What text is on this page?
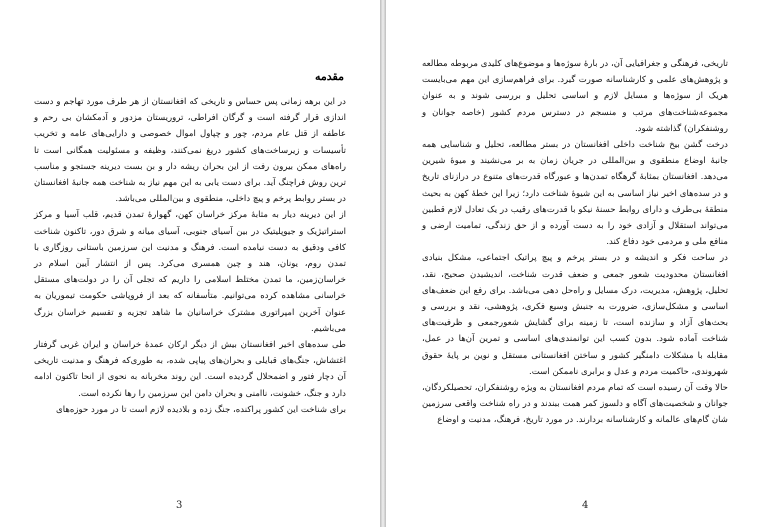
مقدمه

در این برهه زمانی پس حساس و تاریخی که افغانستان از هر طرف مورد تهاجم و دست اندازی قرار گرفته است و گرگان افراطی، تروریستان مزدور و آدمکشان بی رحم و عاطفه از قتل عام مردم، چور و چپاول اموال خصوصی و دارایی‌های عامه و تخریب تأسیسات و زیرساخت‌های کشور دریغ نمی‌کنند، وظیفه و مسئولیت همگانی است تا راه‌های ممکن بیرون رفت از این بحران ریشه دار و بن بست دیرینه جستجو و مناسب ترین روش فراچنگ آید. برای دست یابی به این مهم نیاز به شناخت همه جانبهٔ افغانستان در بستر روابط پرخم و پیچ داخلی، منطقوی و بین‌المللی می‌باشد.

از این دیرینه دیار به مثابهٔ مرکز خراسان کهن، گهوارهٔ تمدن قدیم، قلب آسیا و مرکز استراتیژیک و جیوپلیتیک در بین آسیای جنوبی، آسیای میانه و شرق دور، تاکنون شناخت کافی ودقیق به دست نیامده است. فرهنگ و مدنیت این سرزمین باستانی روزگاری با تمدن روم، یونان، هند و چین همسری می‌کرد. پس از انتشار آیین اسلام در خراسان‌زمین، ما تمدن مختلط اسلامی را داریم که تجلی آن را در دولت‌های مستقل خراسانی مشاهده کرده می‌توانیم. متأسفانه که بعد از فروپاشی حکومت تیموریان به عنوان آخرین امپراتوری مشترک خراسانیان ما شاهد تجزیه و تقسیم خراسان بزرگ می‌باشیم.

طی سده‌های اخیر افغانستان بیش از دیگر ارکان عمدهٔ خراسان و ایران غربی گرفتار اغتشاش، جنگ‌های قبایلی و بحران‌های پیاپی شده، به طوری‌که فرهنگ و مدنیت تاریخی آن دچار فتور و اضمحلال گردیده است. این روند مخربانه به نحوی از انحا تاکنون ادامه دارد و جنگ، خشونت، ناامنی و بحران دامن این سرزمین را رها نکرده است.

برای شناخت این کشور پراکنده، جنگ زده و بلادیده لازم است تا در مورد حوزه‌های

3

تاریخی، فرهنگی و جغرافیایی آن، در بارهٔ سوژه‌ها و موضوع‌های کلیدی مربوطه مطالعه و پژوهش‌های علمی و کارشناسانه صورت گیرد. برای فراهم‌سازی این مهم می‌بایست هریک از سوژه‌ها و مسایل لازم و اساسی تحلیل و بررسی شوند و به عنوان مجموعه‌شناخت‌های مرتب و منسجم در دسترس مردم کشور (خاصه جوانان و روشنفکران) گذاشته شود.

درخت گشن بیخ شناخت داخلی افغانستان در بستر مطالعه، تحلیل و شناسایی همه جانبهٔ اوضاع منطقوی و بین‌المللی در جریان زمان به بر می‌نشیند و میوهٔ شیرین می‌دهد. افغانستان بمثابهٔ گرهگاه تمدن‌ها و عبورگاه قدرت‌های متنوع در درازنای تاریخ و در سده‌های اخیر نیاز اساسی به این شیوهٔ شناخت دارد؛ زیرا این خطهٔ کهن به بحیث منطقهٔ بی‌طرف و دارای روابط حسنهٔ نیکو با قدرت‌های رقیب در یک تعادل لازم قطبین می‌تواند استقلال و آزادی خود را به دست آورده و از حق زندگی، تمامیت ارضی و منافع ملی و مردمی خود دفاع کند.

در ساحت فکر و اندیشه و در بستر پرخم و پیچ پراتیک اجتماعی، مشکل بنیادی افغانستان محدودیت شعور جمعی و ضعف قدرت شناخت، اندیشیدن صحیح، نقد، تحلیل، پژوهش، مدیریت، درک مسایل و راه‌حل دهی می‌باشد. برای رفع این ضعف‌های اساسی و مشکل‌سازی، ضرورت به جنبش وسیع فکری، پژوهشی، نقد و بررسی و بحث‌های آزاد و سازنده است، تا زمینه برای گشایش شعورجمعی و ظرفیت‌های شناخت آماده شود. بدون کسب این توانمندی‌های اساسی و تمرین آن‌ها در عمل، مقابله با مشکلات دامنگیر کشور و ساختن افغانستانی مستقل و نوین بر پایهٔ حقوق شهروندی، حاکمیت مردم و عدل و برابری ناممکن است.

حالا وقت آن رسیده است که تمام مردم افغانستان به ویژه روشنفکران، تحصیلکردگان، جوانان و شخصیت‌های آگاه و دلسوز کمر همت ببندند و در راه شناخت واقعی سرزمین شان گام‌های عالمانه و کارشناسانه بردارند. در مورد تاریخ، فرهنگ، مدنیت و اوضاع

4
